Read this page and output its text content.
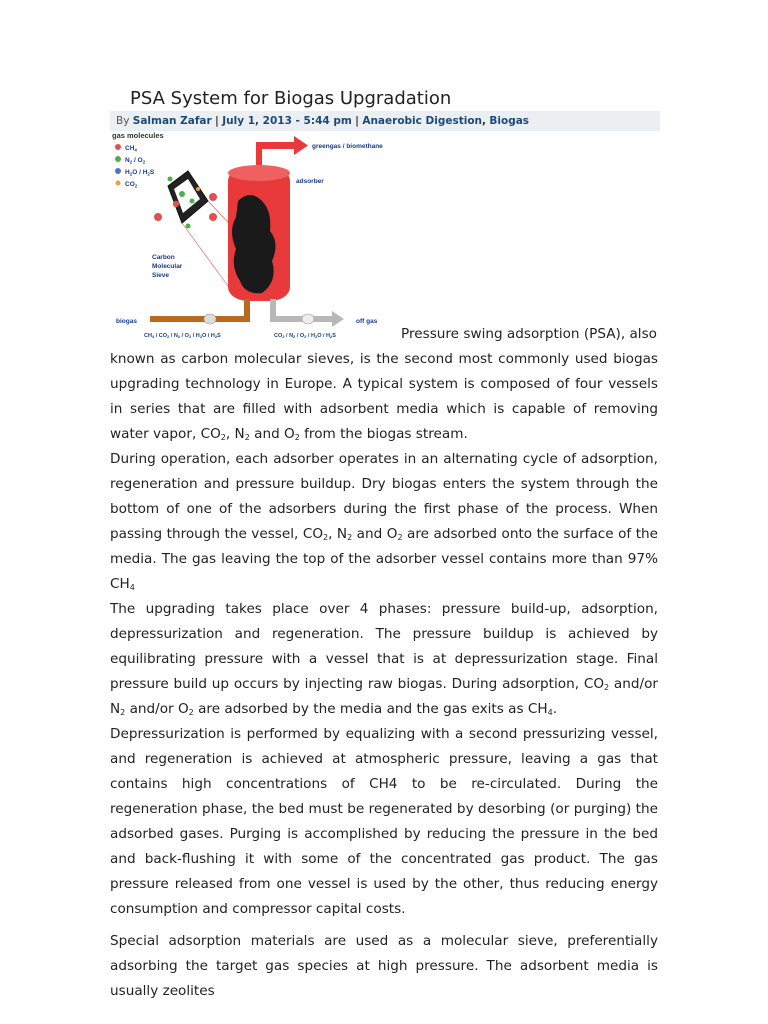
PSA System for Biogas Upgradation
By Salman Zafar | July 1, 2013 - 5:44 pm | Anaerobic Digestion, Biogas
gas molecules
$CH_4$
$N_2 / O_2$
$H_2O / H_2S$
$CO_2$
greengas / biomethane
adsorber
Carbon
Molecular
Sieve
biogas
$CH_4 / CO_2 / N_2 / O_2 / H_2O / H_2S$
off gas
$CO_2 / N_2 / O_2 / H_2O / H_2S$	Pressure swing adsorption (PSA), also
known as carbon molecular sieves, is the second most commonly used biogas upgrading technology in Europe. A typical system is composed of four vessels in series that are filled with adsorbent media which is capable of removing water vapor, $CO_2$, $N_2$ and $O_2$ from the biogas stream.

During operation, each adsorber operates in an alternating cycle of adsorption, regeneration and pressure buildup. Dry biogas enters the system through the bottom of one of the adsorbers during the first phase of the process. When passing through the vessel, $CO_2$, $N_2$ and $O_2$ are adsorbed onto the surface of the media. The gas leaving the top of the adsorber vessel contains more than 97% $CH_4$

The upgrading takes place over 4 phases: pressure build-up, adsorption, depressurization and regeneration. The pressure buildup is achieved by equilibrating pressure with a vessel that is at depressurization stage. Final pressure build up occurs by injecting raw biogas. During adsorption, $CO_2$ and/or $N_2$ and/or $O_2$ are adsorbed by the media and the gas exits as $CH_4$.

Depressurization is performed by equalizing with a second pressurizing vessel, and regeneration is achieved at atmospheric pressure, leaving a gas that contains high concentrations of CH4 to be re-circulated. During the regeneration phase, the bed must be regenerated by desorbing (or purging) the adsorbed gases. Purging is accomplished by reducing the pressure in the bed and back-flushing it with some of the concentrated gas product. The gas pressure released from one vessel is used by the other, thus reducing energy consumption and compressor capital costs.

Special adsorption materials are used as a molecular sieve, preferentially adsorbing the target gas species at high pressure. The adsorbent media is usually zeolites
